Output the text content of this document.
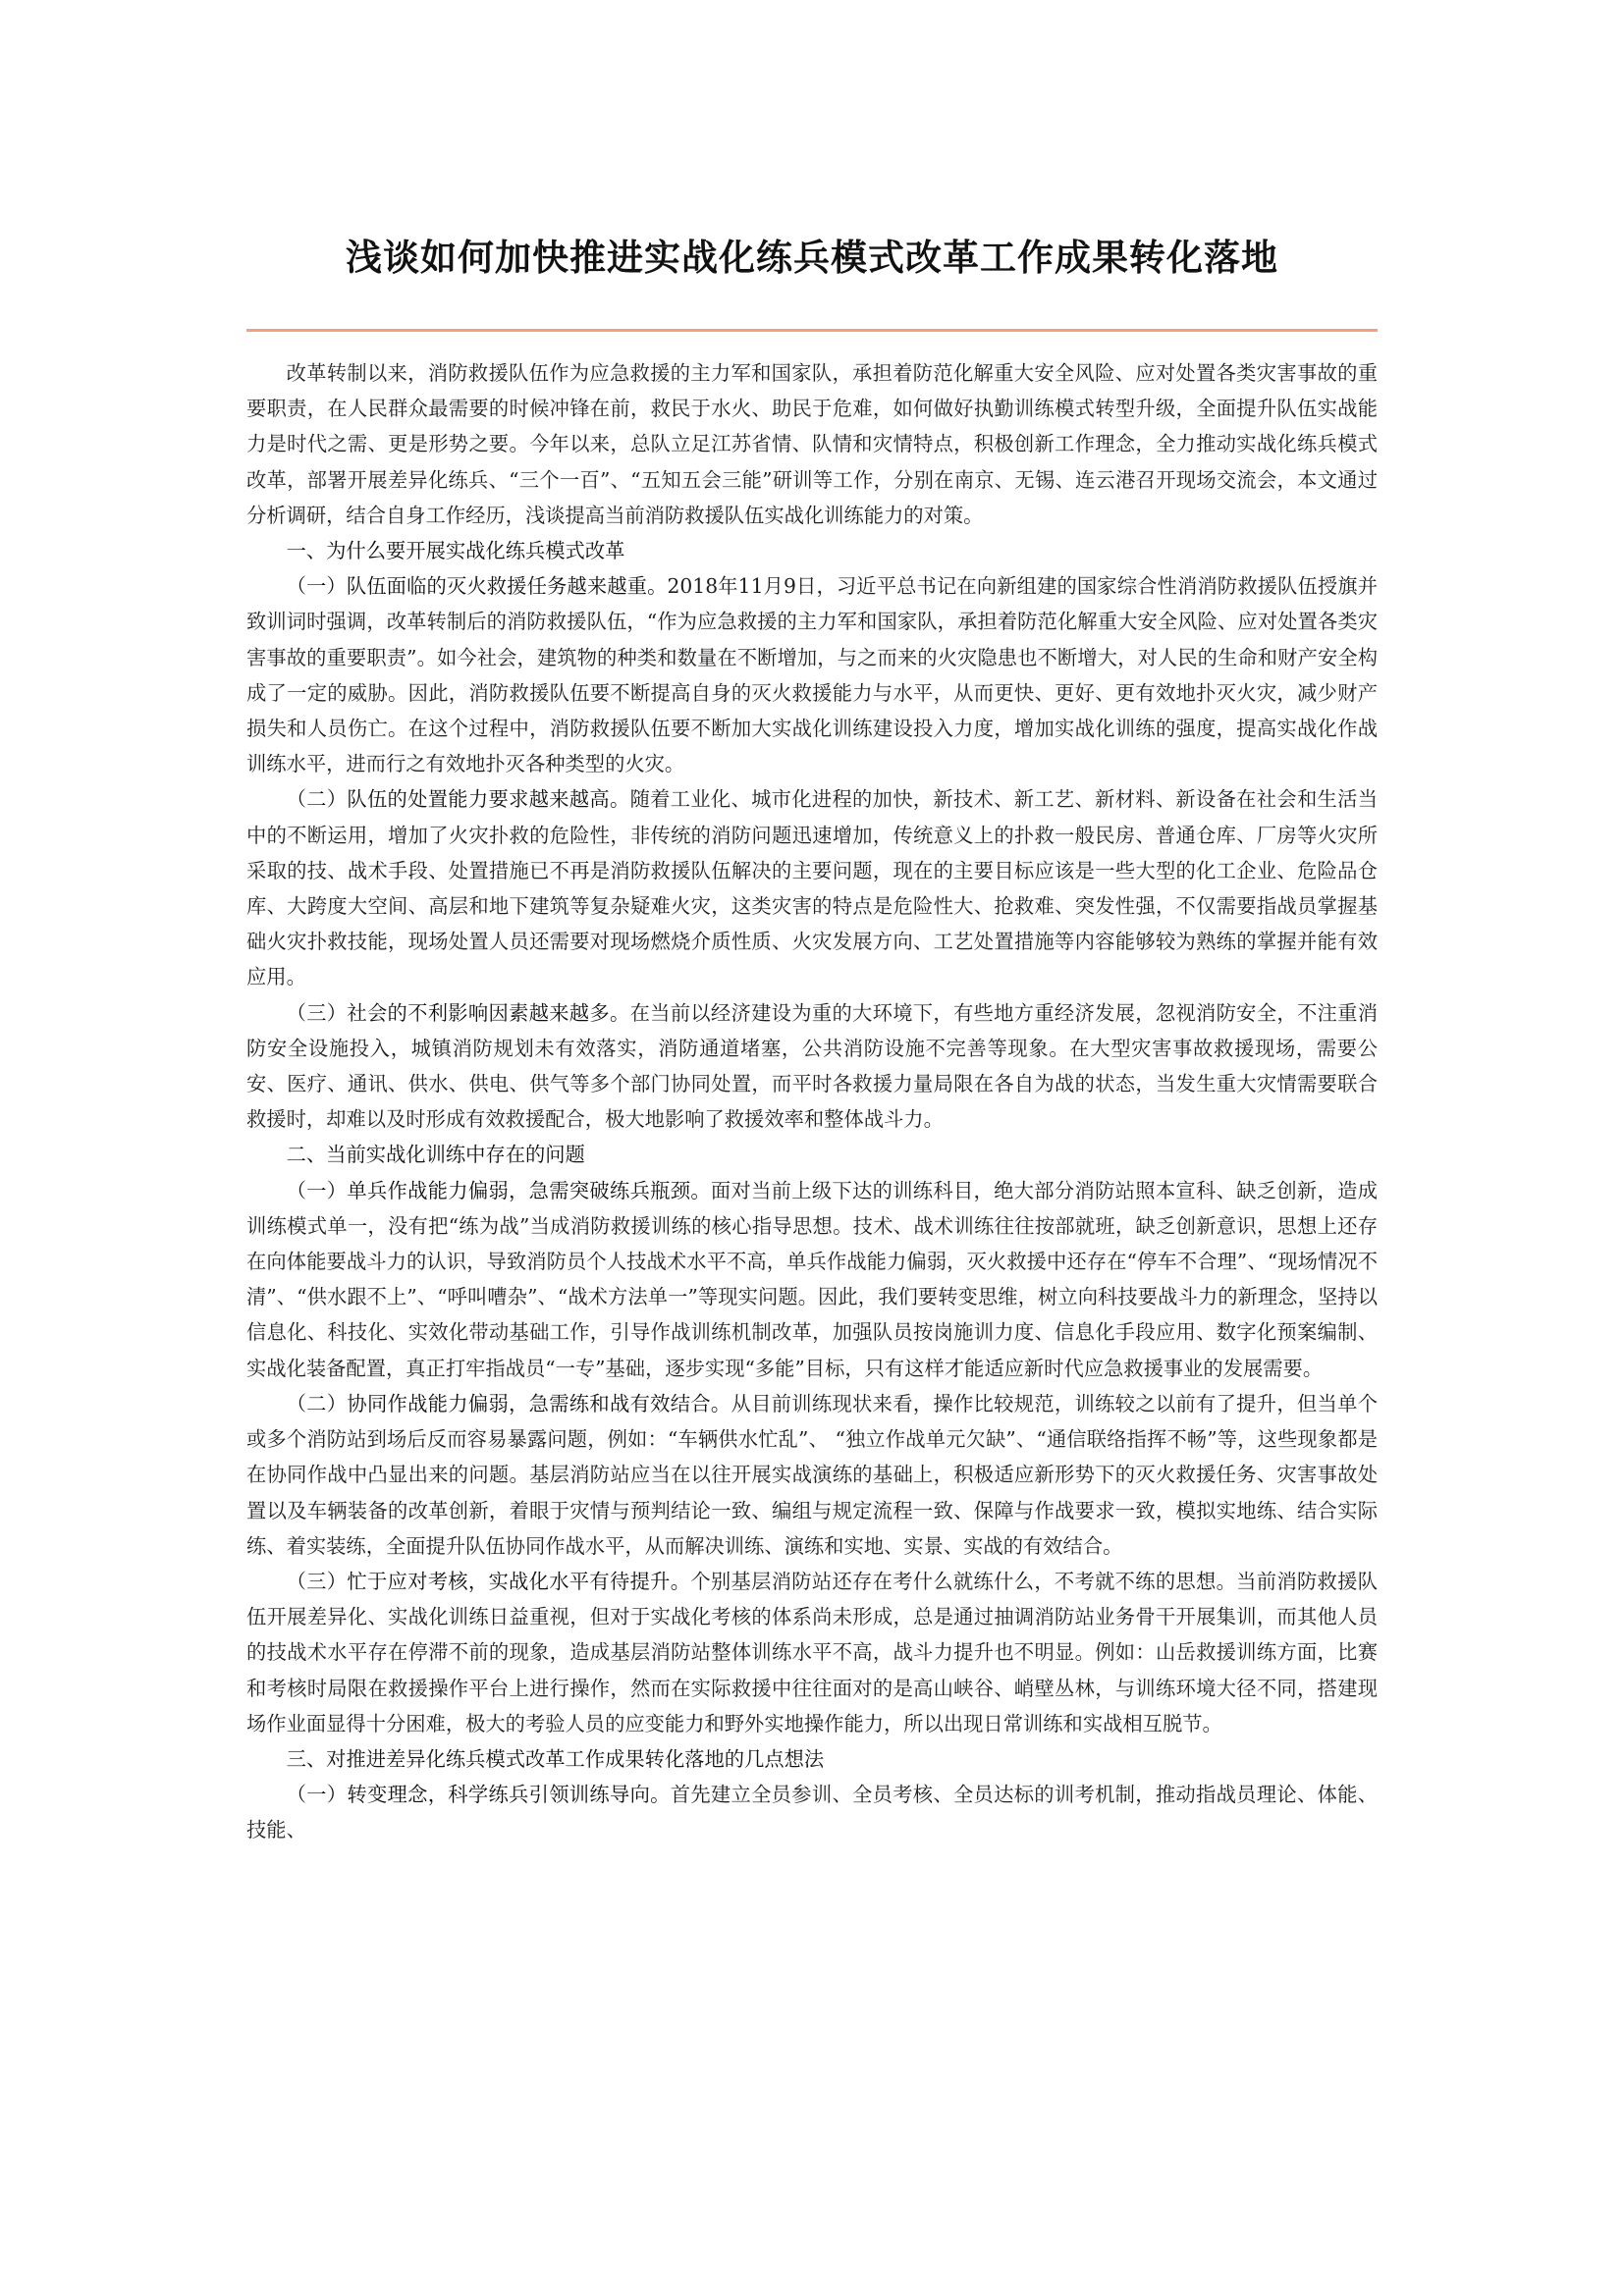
浅谈如何加快推进实战化练兵模式改革工作成果转化落地

改革转制以来，消防救援队伍作为应急救援的主力军和国家队，承担着防范化解重大安全风险、应对处置各类灾害事故的重要职责，在人民群众最需要的时候冲锋在前，救民于水火、助民于危难，如何做好执勤训练模式转型升级，全面提升队伍实战能力是时代之需、更是形势之要。今年以来，总队立足江苏省情、队情和灾情特点，积极创新工作理念，全力推动实战化练兵模式改革，部署开展差异化练兵、“三个一百”、“五知五会三能”研训等工作，分别在南京、无锡、连云港召开现场交流会，本文通过分析调研，结合自身工作经历，浅谈提高当前消防救援队伍实战化训练能力的对策。

一、为什么要开展实战化练兵模式改革

（一）队伍面临的灭火救援任务越来越重。2018年11月9日，习近平总书记在向新组建的国家综合性消消防救援队伍授旗并致训词时强调，改革转制后的消防救援队伍，“作为应急救援的主力军和国家队，承担着防范化解重大安全风险、应对处置各类灾害事故的重要职责”。如今社会，建筑物的种类和数量在不断增加，与之而来的火灾隐患也不断增大，对人民的生命和财产安全构成了一定的威胁。因此，消防救援队伍要不断提高自身的灭火救援能力与水平，从而更快、更好、更有效地扑灭火灾，减少财产损失和人员伤亡。在这个过程中，消防救援队伍要不断加大实战化训练建设投入力度，增加实战化训练的强度，提高实战化作战训练水平，进而行之有效地扑灭各种类型的火灾。

（二）队伍的处置能力要求越来越高。随着工业化、城市化进程的加快，新技术、新工艺、新材料、新设备在社会和生活当中的不断运用，增加了火灾扑救的危险性，非传统的消防问题迅速增加，传统意义上的扑救一般民房、普通仓库、厂房等火灾所采取的技、战术手段、处置措施已不再是消防救援队伍解决的主要问题，现在的主要目标应该是一些大型的化工企业、危险品仓库、大跨度大空间、高层和地下建筑等复杂疑难火灾，这类灾害的特点是危险性大、抢救难、突发性强，不仅需要指战员掌握基础火灾扑救技能，现场处置人员还需要对现场燃烧介质性质、火灾发展方向、工艺处置措施等内容能够较为熟练的掌握并能有效应用。

（三）社会的不利影响因素越来越多。在当前以经济建设为重的大环境下，有些地方重经济发展，忽视消防安全，不注重消防安全设施投入，城镇消防规划未有效落实，消防通道堵塞，公共消防设施不完善等现象。在大型灾害事故救援现场，需要公安、医疗、通讯、供水、供电、供气等多个部门协同处置，而平时各救援力量局限在各自为战的状态，当发生重大灾情需要联合救援时，却难以及时形成有效救援配合，极大地影响了救援效率和整体战斗力。

二、当前实战化训练中存在的问题

（一）单兵作战能力偏弱，急需突破练兵瓶颈。面对当前上级下达的训练科目，绝大部分消防站照本宣科、缺乏创新，造成训练模式单一，没有把“练为战”当成消防救援训练的核心指导思想。技术、战术训练往往按部就班，缺乏创新意识，思想上还存在向体能要战斗力的认识，导致消防员个人技战术水平不高，单兵作战能力偏弱，灭火救援中还存在“停车不合理”、“现场情况不清”、“供水跟不上”、“呼叫嘈杂”、“战术方法单一”等现实问题。因此，我们要转变思维，树立向科技要战斗力的新理念，坚持以信息化、科技化、实效化带动基础工作，引导作战训练机制改革，加强队员按岗施训力度、信息化手段应用、数字化预案编制、实战化装备配置，真正打牢指战员“一专”基础，逐步实现“多能”目标，只有这样才能适应新时代应急救援事业的发展需要。

（二）协同作战能力偏弱，急需练和战有效结合。从目前训练现状来看，操作比较规范，训练较之以前有了提升，但当单个或多个消防站到场后反而容易暴露问题，例如：“车辆供水忙乱”、 “独立作战单元欠缺”、“通信联络指挥不畅”等，这些现象都是在协同作战中凸显出来的问题。基层消防站应当在以往开展实战演练的基础上，积极适应新形势下的灭火救援任务、灾害事故处置以及车辆装备的改革创新，着眼于灾情与预判结论一致、编组与规定流程一致、保障与作战要求一致，模拟实地练、结合实际练、着实装练，全面提升队伍协同作战水平，从而解决训练、演练和实地、实景、实战的有效结合。

（三）忙于应对考核，实战化水平有待提升。个别基层消防站还存在考什么就练什么，不考就不练的思想。当前消防救援队伍开展差异化、实战化训练日益重视，但对于实战化考核的体系尚未形成，总是通过抽调消防站业务骨干开展集训，而其他人员的技战术水平存在停滞不前的现象，造成基层消防站整体训练水平不高，战斗力提升也不明显。例如：山岳救援训练方面，比赛和考核时局限在救援操作平台上进行操作，然而在实际救援中往往面对的是高山峡谷、峭壁丛林，与训练环境大径不同，搭建现场作业面显得十分困难，极大的考验人员的应变能力和野外实地操作能力，所以出现日常训练和实战相互脱节。

三、对推进差异化练兵模式改革工作成果转化落地的几点想法

（一）转变理念，科学练兵引领训练导向。首先建立全员参训、全员考核、全员达标的训考机制，推动指战员理论、体能、技能、
